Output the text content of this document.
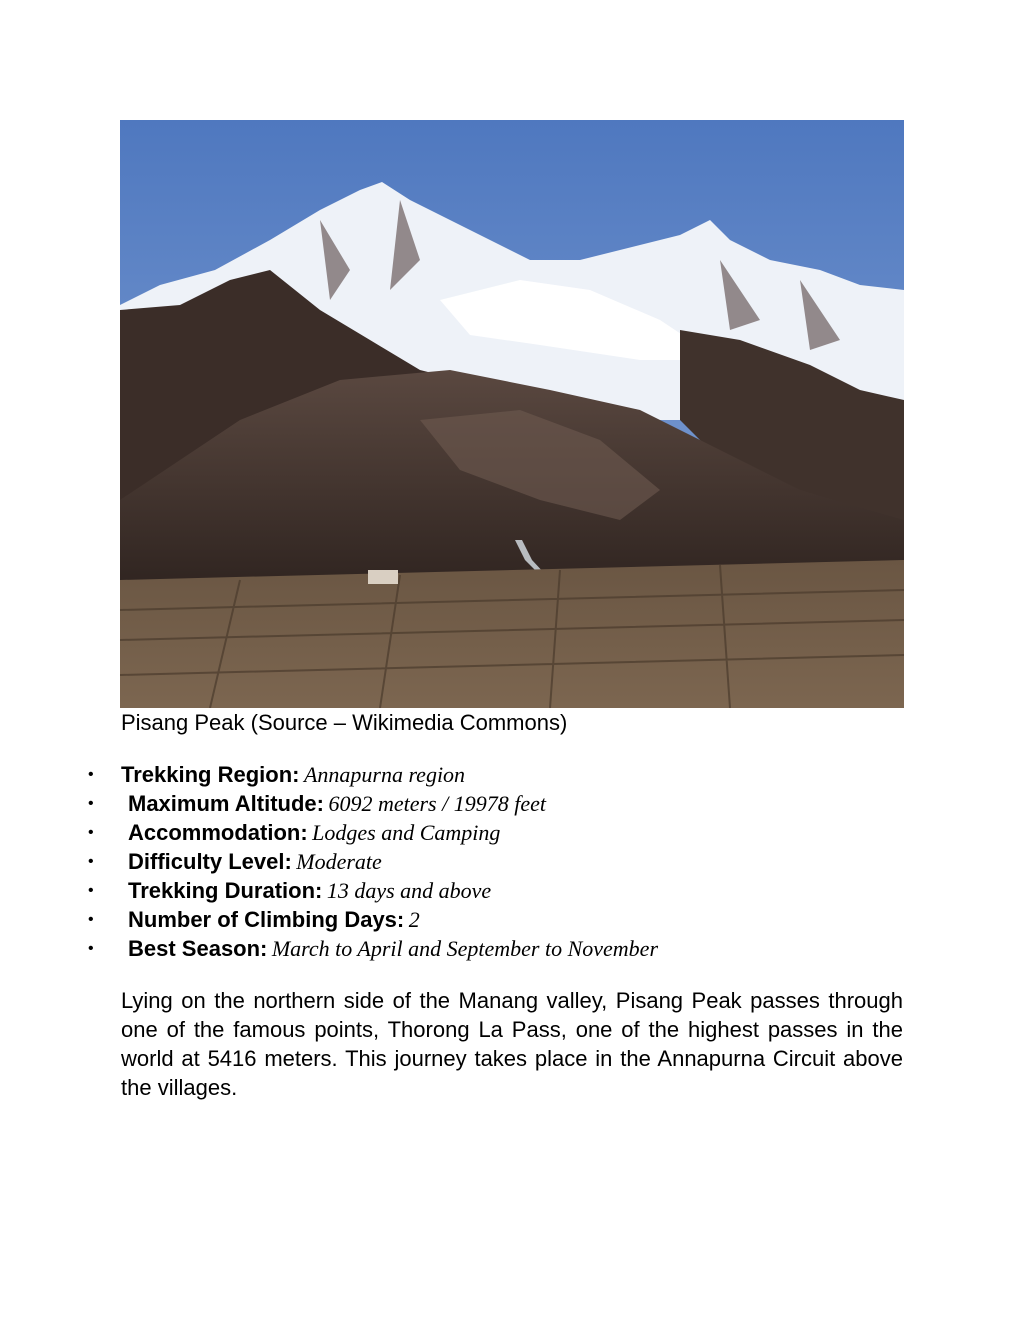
Pisang Peak (Source – Wikimedia Commons)
• Trekking Region: Annapurna region
• Maximum Altitude: 6092 meters / 19978 feet
• Accommodation: Lodges and Camping
• Difficulty Level: Moderate
• Trekking Duration: 13 days and above
• Number of Climbing Days: 2
• Best Season: March to April and September to November

Lying on the northern side of the Manang valley, Pisang Peak passes through one of the famous points, Thorong La Pass, one of the highest passes in the world at 5416 meters. This journey takes place in the Annapurna Circuit above the villages.
